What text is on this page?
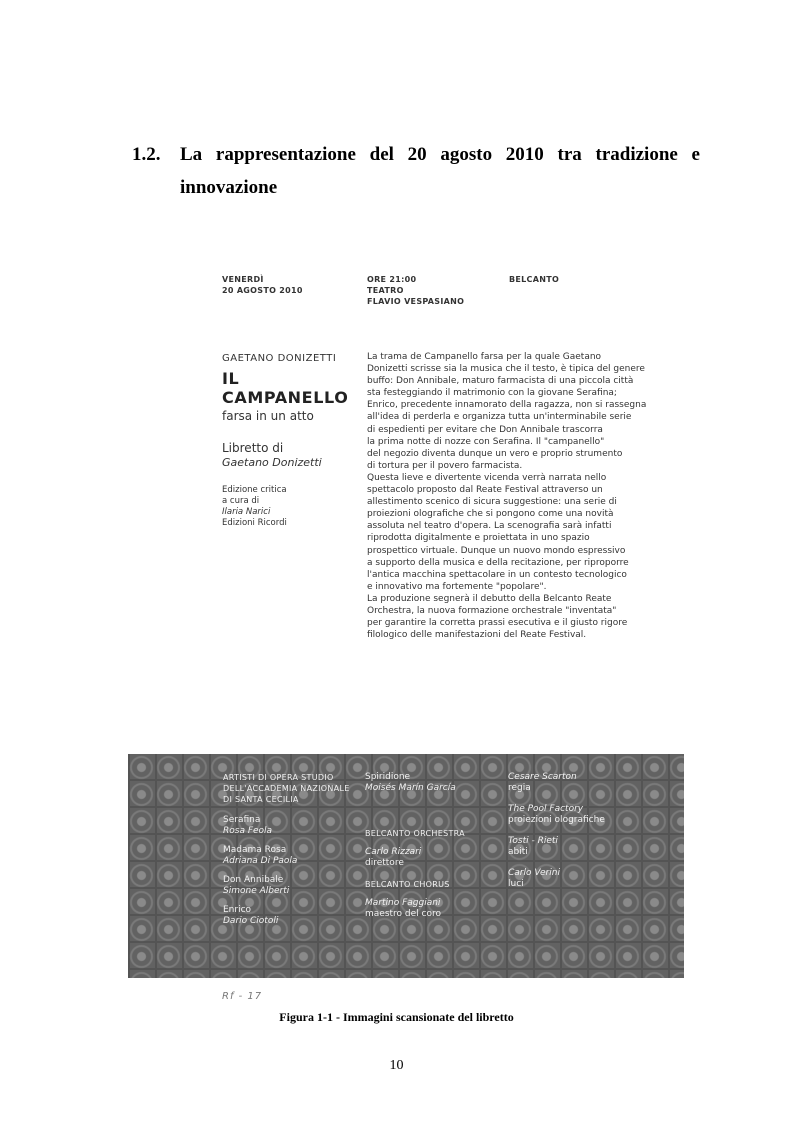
1.2. La rappresentazione del 20 agosto 2010 tra tradizione e
innovazione
VENERDÌ
20 AGOSTO 2010
ORE 21:00
TEATRO
FLAVIO VESPASIANO
BELCANTO
GAETANO DONIZETTI
IL CAMPANELLO
farsa in un atto
Libretto di
Gaetano Donizetti
Edizione critica
a cura di
Ilaria Narici
Edizioni Ricordi
La trama de Campanello farsa per la quale Gaetano
Donizetti scrisse sia la musica che il testo, è tipica del genere
buffo: Don Annibale, maturo farmacista di una piccola città
sta festeggiando il matrimonio con la giovane Serafina;
Enrico, precedente innamorato della ragazza, non si rassegna
all'idea di perderla e organizza tutta un'interminabile serie
di espedienti per evitare che Don Annibale trascorra
la prima notte di nozze con Serafina. Il "campanello"
del negozio diventa dunque un vero e proprio strumento
di tortura per il povero farmacista.
Questa lieve e divertente vicenda verrà narrata nello
spettacolo proposto dal Reate Festival attraverso un
allestimento scenico di sicura suggestione: una serie di
proiezioni olografiche che si pongono come una novità
assoluta nel teatro d'opera. La scenografia sarà infatti
riprodotta digitalmente e proiettata in uno spazio
prospettico virtuale. Dunque un nuovo mondo espressivo
a supporto della musica e della recitazione, per riproporre
l'antica macchina spettacolare in un contesto tecnologico
e innovativo ma fortemente "popolare".
La produzione segnerà il debutto della Belcanto Reate
Orchestra, la nuova formazione orchestrale "inventata"
per garantire la corretta prassi esecutiva e il giusto rigore
filologico delle manifestazioni del Reate Festival.
ARTISTI DI OPERA STUDIO
DELL'ACCADEMIA NAZIONALE
DI SANTA CECILIA
Serafina
Rosa Feola
Madama Rosa
Adriana Di Paola
Don Annibale
Simone Alberti
Enrico
Dario Ciotoli
Spiridione
Moisés Marín García
BELCANTO ORCHESTRA
Carlo Rizzari
direttore
BELCANTO CHORUS
Martino Faggiani
maestro del coro
Cesare Scarton
regia
The Pool Factory
proiezioni olografiche
Tosti - Rieti
abiti
Carlo Verini
luci
Rf - 17
Figura 1-1 - Immagini scansionate del libretto
10
